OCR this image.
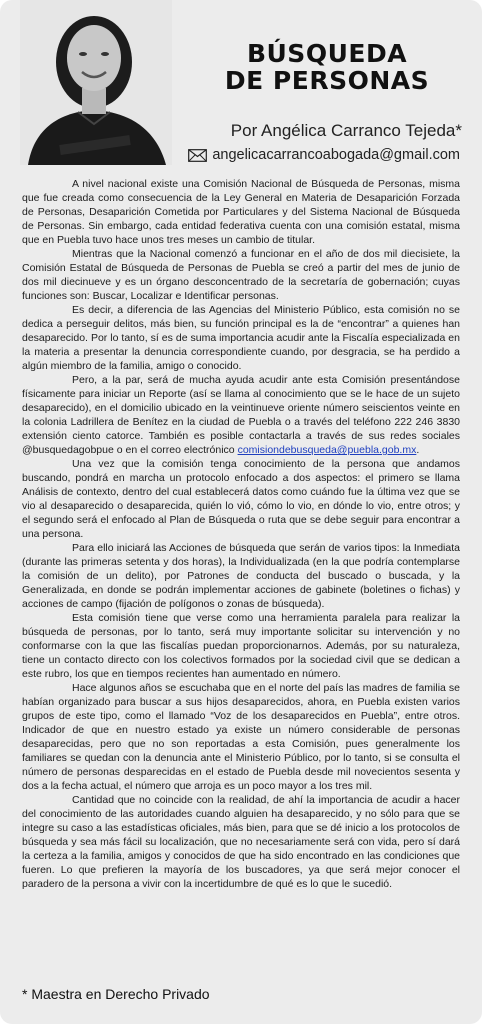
BÚSQUEDA
DE PERSONAS
Por Angélica Carranco Tejeda*
angelicacarrancoabogada@gmail.com

A nivel nacional existe una Comisión Nacional de Búsqueda de Personas, misma que fue creada como consecuencia de la Ley General en Materia de Desaparición Forzada de Personas, Desaparición Cometida por Particulares y del Sistema Nacional de Búsqueda de Personas. Sin embargo, cada entidad federativa cuenta con una comisión estatal, misma que en Puebla tuvo hace unos tres meses un cambio de titular.

Mientras que la Nacional comenzó a funcionar en el año de dos mil diecisiete, la Comisión Estatal de Búsqueda de Personas de Puebla se creó a partir del mes de junio de dos mil diecinueve y es un órgano desconcentrado de la secretaría de gobernación; cuyas funciones son: Buscar, Localizar e Identificar personas.

Es decir, a diferencia de las Agencias del Ministerio Público, esta comisión no se dedica a perseguir delitos, más bien, su función principal es la de “encontrar” a quienes han desaparecido. Por lo tanto, sí es de suma importancia acudir ante la Fiscalía especializada en la materia a presentar la denuncia correspondiente cuando, por desgracia, se ha perdido a algún miembro de la familia, amigo o conocido.

Pero, a la par, será de mucha ayuda acudir ante esta Comisión presentándose físicamente para iniciar un Reporte (así se llama al conocimiento que se le hace de un sujeto desaparecido), en el domicilio ubicado en la veintinueve oriente número seiscientos veinte en la colonia Ladrillera de Benítez en la ciudad de Puebla o a través del teléfono 222 246 3830 extensión ciento catorce. También es posible contactarla a través de sus redes sociales @busquedagobpue o en el correo electrónico comisiondebusqueda@puebla.gob.mx.

Una vez que la comisión tenga conocimiento de la persona que andamos buscando, pondrá en marcha un protocolo enfocado a dos aspectos: el primero se llama Análisis de contexto, dentro del cual establecerá datos como cuándo fue la última vez que se vio al desaparecido o desaparecida, quién lo vió, cómo lo vio, en dónde lo vio, entre otros; y el segundo será el enfocado al Plan de Búsqueda o ruta que se debe seguir para encontrar a una persona.

Para ello iniciará las Acciones de búsqueda que serán de varios tipos: la Inmediata (durante las primeras setenta y dos horas), la Individualizada (en la que podría contemplarse la comisión de un delito), por Patrones de conducta del buscado o buscada, y la Generalizada, en donde se podrán implementar acciones de gabinete (boletines o fichas) y acciones de campo (fijación de polígonos o zonas de búsqueda).

Esta comisión tiene que verse como una herramienta paralela para realizar la búsqueda de personas, por lo tanto, será muy importante solicitar su intervención y no conformarse con la que las fiscalías puedan proporcionarnos. Además, por su naturaleza, tiene un contacto directo con los colectivos formados por la sociedad civil que se dedican a este rubro, los que en tiempos recientes han aumentado en número.

Hace algunos años se escuchaba que en el norte del país las madres de familia se habían organizado para buscar a sus hijos desaparecidos, ahora, en Puebla existen varios grupos de este tipo, como el llamado “Voz de los desaparecidos en Puebla”, entre otros. Indicador de que en nuestro estado ya existe un número considerable de personas desaparecidas, pero que no son reportadas a esta Comisión, pues generalmente los familiares se quedan con la denuncia ante el Ministerio Público, por lo tanto, si se consulta el número de personas desparecidas en el estado de Puebla desde mil novecientos sesenta y dos a la fecha actual, el número que arroja es un poco mayor a los tres mil.

Cantidad que no coincide con la realidad, de ahí la importancia de acudir a hacer del conocimiento de las autoridades cuando alguien ha desaparecido, y no sólo para que se integre su caso a las estadísticas oficiales, más bien, para que se dé inicio a los protocolos de búsqueda y sea más fácil su localización, que no necesariamente será con vida, pero sí dará la certeza a la familia, amigos y conocidos de que ha sido encontrado en las condiciones que fueren. Lo que prefieren la mayoría de los buscadores, ya que será mejor conocer el paradero de la persona a vivir con la incertidumbre de qué es lo que le sucedió.

* Maestra en Derecho Privado
